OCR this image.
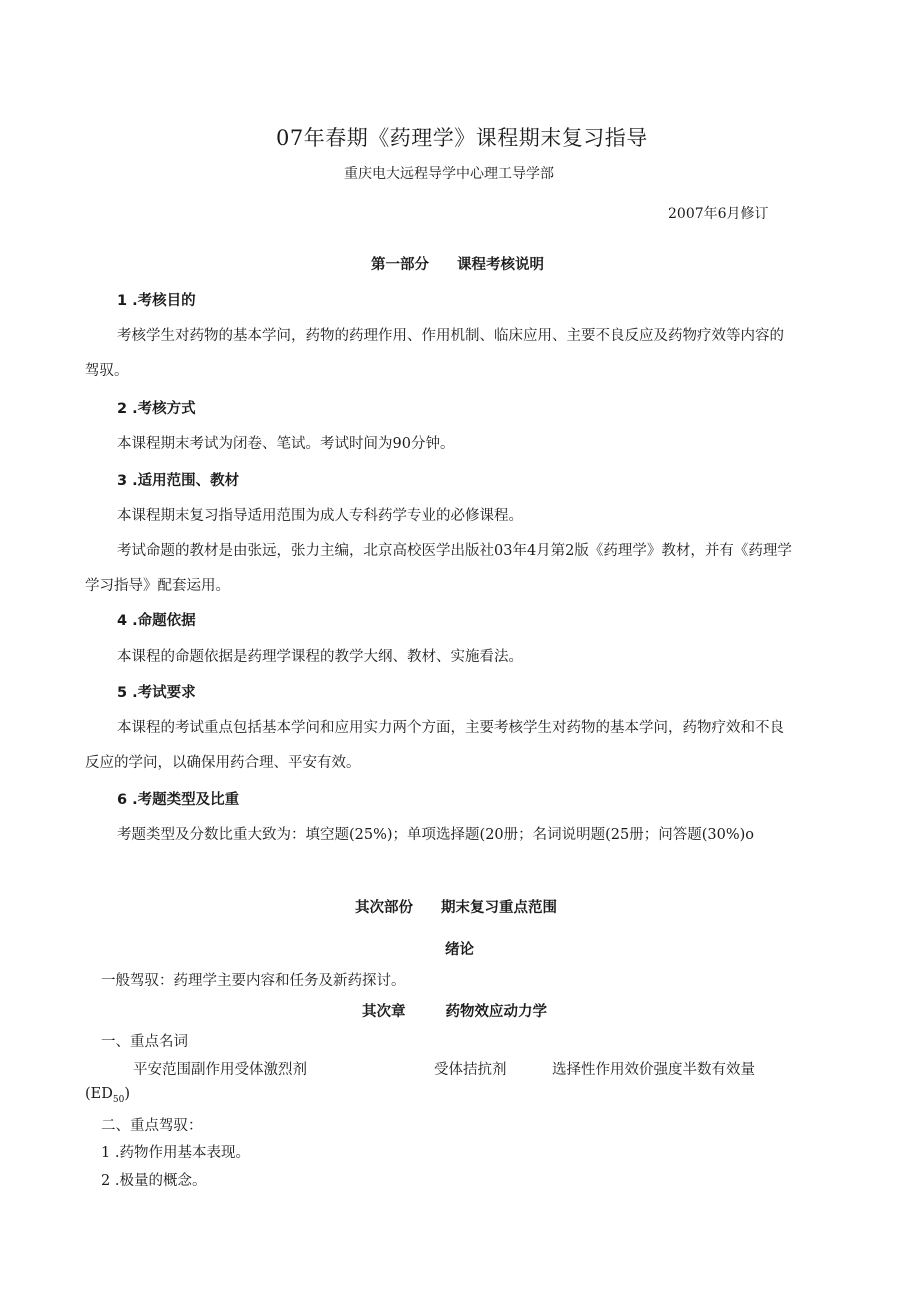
07年春期《药理学》课程期末复习指导
重庆电大远程导学中心理工导学部
2007年6月修订
第一部分 课程考核说明
1 .考核目的
考核学生对药物的基本学问，药物的药理作用、作用机制、临床应用、主要不良反应及药物疗效等内容的
驾驭。
2 .考核方式
本课程期末考试为闭卷、笔试。考试时间为90分钟。
3 .适用范围、教材
本课程期末复习指导适用范围为成人专科药学专业的必修课程。
考试命题的教材是由张远，张力主编，北京高校医学出版社03年4月第2版《药理学》教材，并有《药理学
学习指导》配套运用。
4 .命题依据
本课程的命题依据是药理学课程的教学大纲、教材、实施看法。
5 .考试要求
本课程的考试重点包括基本学问和应用实力两个方面，主要考核学生对药物的基本学问，药物疗效和不良
反应的学问，以确保用药合理、平安有效。
6 .考题类型及比重
考题类型及分数比重大致为：填空题(25%)；单项选择题(20册；名词说明题(25册；问答题(30%)o
其次部份 期末复习重点范围
绪论
一般驾驭：药理学主要内容和任务及新药探讨。
其次章	药物效应动力学
一、重点名词
平安范围副作用受体激烈剂	受体拮抗剂	选择性作用效价强度半数有效量
$(ED_{50})$
二、重点驾驭：
1 .药物作用基本表现。
2 .极量的概念。
